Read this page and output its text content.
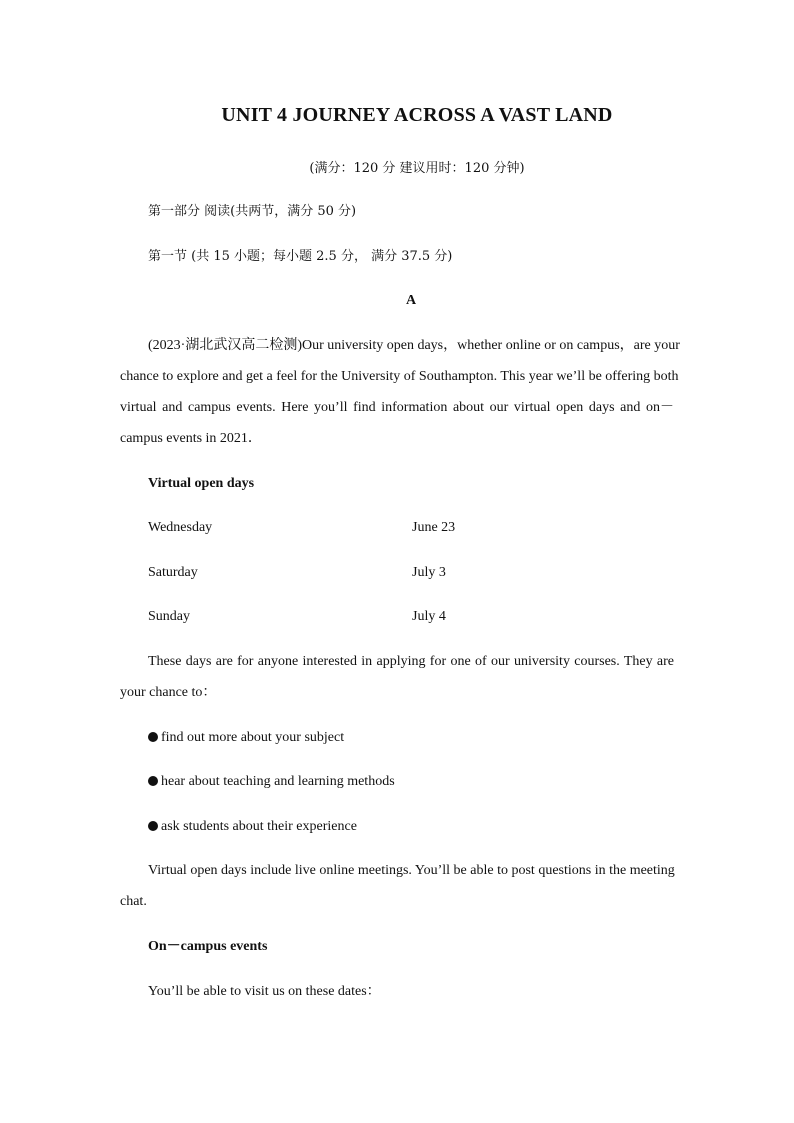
UNIT 4 JOURNEY ACROSS A VAST LAND
(满分：120 分 建议用时：120 分钟)
第一部分 阅读(共两节，满分 50 分)
第一节 (共 15 小题；每小题 2.5 分， 满分 37.5 分)
A
(2023·湖北武汉高二检测)Our university open days，whether online or on campus，are your
chance to explore and get a feel for the University of Southampton. This year we’ll be offering both
virtual and campus events. Here you’ll find information about our virtual open days and on－
campus events in 2021．
Virtual open days
Wednesday	June 23
Saturday	July 3
Sunday	July 4
These days are for anyone interested in applying for one of our university courses. They are
your chance to：
find out more about your subject
hear about teaching and learning methods
ask students about their experience
Virtual open days include live online meetings. You’ll be able to post questions in the meeting
chat.
On－campus events
You’ll be able to visit us on these dates：
